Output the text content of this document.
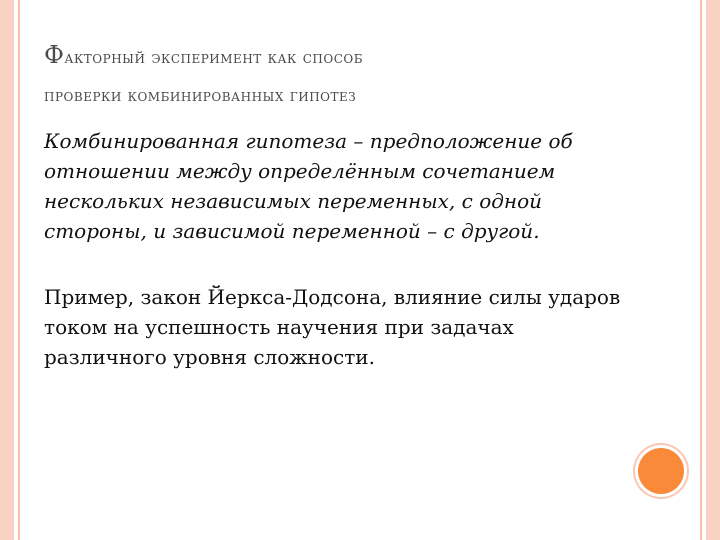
Факторный эксперимент как способ
проверки комбинированных гипотез

Комбинированная гипотеза – предположение об отношении между определённым сочетанием нескольких независимых переменных, с одной стороны, и зависимой переменной – с другой.

Пример, закон Йеркса-Додсона, влияние силы ударов током на успешность научения при задачах различного уровня сложности.
